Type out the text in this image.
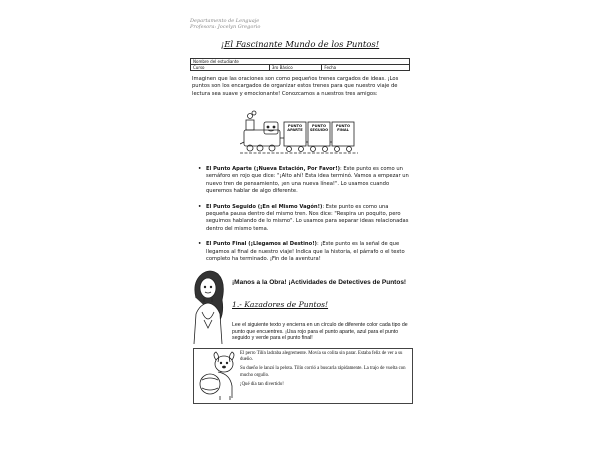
Departamento de Lenguaje
Profesora: Jocelyn Gregorio
¡El Fascinante Mundo de los Puntos!
Nombre del estudiante
Curso	3ro Básico	Fecha
Imaginen que las oraciones son como pequeños trenes cargados de ideas. ¡Los puntos son los encargados de organizar estos trenes para que nuestro viaje de lectura sea suave y emocionante! Conozcamos a nuestros tres amigos:
PUNTO APARTE
PUNTO SEGUIDO
PUNTO FINAL
• El Punto Aparte (¡Nueva Estación, Por Favor!): Este punto es como un semáforo en rojo que dice: "¡Alto ahí! Esta idea terminó. Vamos a empezar un nuevo tren de pensamiento, ¡en una nueva línea!". Lo usamos cuando queremos hablar de algo diferente.
• El Punto Seguido (¡En el Mismo Vagón!): Este punto es como una pequeña pausa dentro del mismo tren. Nos dice: "Respira un poquito, pero seguimos hablando de lo mismo". Lo usamos para separar ideas relacionadas dentro del mismo tema.
• El Punto Final (¡Llegamos al Destino!): ¡Este punto es la señal de que llegamos al final de nuestro viaje! Indica que la historia, el párrafo o el texto completo ha terminado. ¡Fin de la aventura!
¡Manos a la Obra! ¡Actividades de Detectives de Puntos!
1.- Kazadores de Puntos!
Lee el siguiente texto y encierra en un círculo de diferente color cada tipo de punto que encuentres. ¡Usa rojo para el punto aparte, azul para el punto seguido y verde para el punto final!

El perro Tilín ladraba alegremente. Movía su colita sin parar. Estaba feliz de ver a su dueño.

Su dueño le lanzó la pelota. Tilín corrió a buscarla rápidamente. La trajo de vuelta con mucho orgullo.

¡Qué día tan divertido!
